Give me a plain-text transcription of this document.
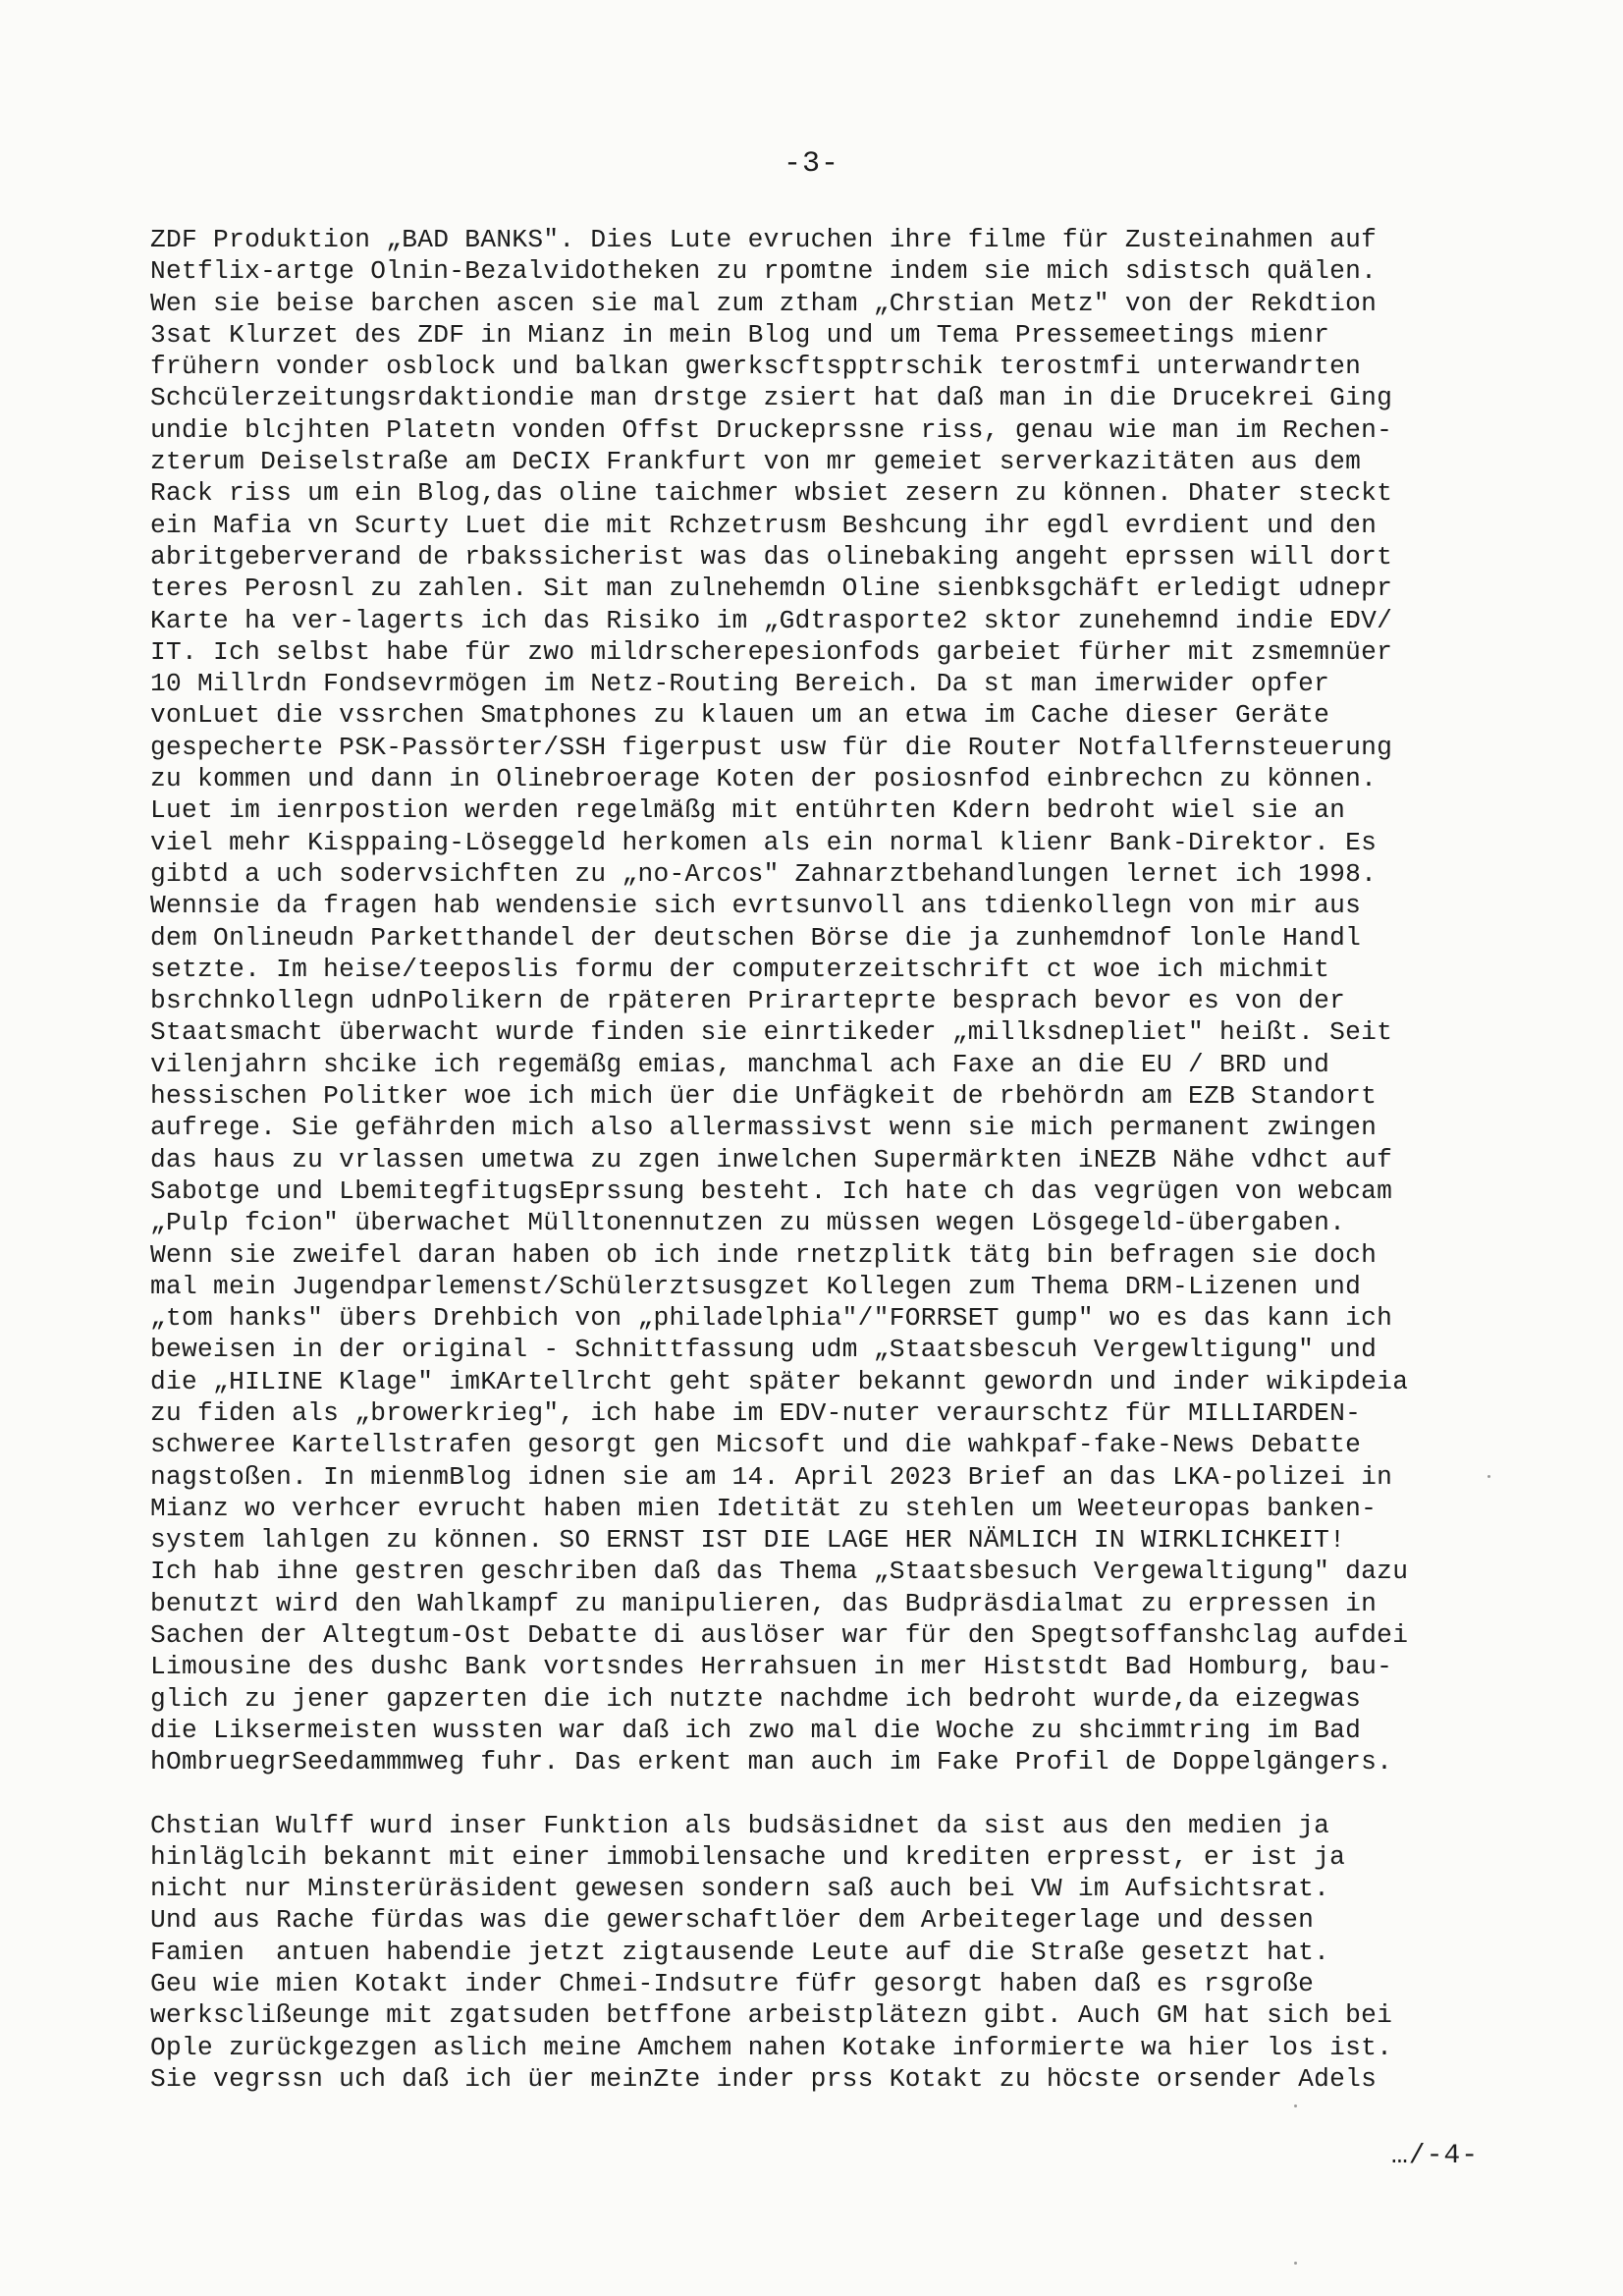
-3-
ZDF Produktion „BAD BANKS". Dies Lute evruchen ihre filme für Zusteinahmen auf
Netflix-artge Olnin-Bezalvidotheken zu rpomtne indem sie mich sdistsch quälen.
Wen sie beise barchen ascen sie mal zum ztham „Chrstian Metz" von der Rekdtion
3sat Klurzet des ZDF in Mianz in mein Blog und um Tema Pressemeetings mienr
frühern vonder osblock und balkan gwerkscftspptrschik terostmfi unterwandrten
Schcülerzeitungsrdaktiondie man drstge zsiert hat daß man in die Drucekrei Ging
undie blcjhten Platetn vonden Offst Druckeprssne riss, genau wie man im Rechen-
zterum Deiselstraße am DeCIX Frankfurt von mr gemeiet serverkazitäten aus dem
Rack riss um ein Blog,das oline taichmer wbsiet zesern zu können. Dhater steckt
ein Mafia vn Scurty Luet die mit Rchzetrusm Beshcung ihr egdl evrdient und den
abritgeberverand de rbakssicherist was das olinebaking angeht eprssen will dort
teres Perosnl zu zahlen. Sit man zulnehemdn Oline sienbksgchäft erledigt udnepr
Karte ha ver-lagerts ich das Risiko im „Gdtrasporte2 sktor zunehemnd indie EDV/
IT. Ich selbst habe für zwo mildrscherepesionfods garbeiet fürher mit zsmemnüer
10 Millrdn Fondsevrmögen im Netz-Routing Bereich. Da st man imerwider opfer
vonLuet die vssrchen Smatphones zu klauen um an etwa im Cache dieser Geräte
gespecherte PSK-Passörter/SSH figerpust usw für die Router Notfallfernsteuerung
zu kommen und dann in Olinebroerage Koten der posiosnfod einbrechcn zu können.
Luet im ienrpostion werden regelmäßg mit entührten Kdern bedroht wiel sie an
viel mehr Kisppaing-Löseggeld herkomen als ein normal klienr Bank-Direktor. Es
gibtd a uch sodervsichften zu „no-Arcos" Zahnarztbehandlungen lernet ich 1998.
Wennsie da fragen hab wendensie sich evrtsunvoll ans tdienkollegn von mir aus
dem Onlineudn Parketthandel der deutschen Börse die ja zunhemdnof lonle Handl
setzte. Im heise/teeposlis formu der computerzeitschrift ct woe ich michmit
bsrchnkollegn udnPolikern de rpäteren Prirarteprte besprach bevor es von der
Staatsmacht überwacht wurde finden sie einrtikeder „millksdnepliet" heißt. Seit
vilenjahrn shcike ich regemäßg emias, manchmal ach Faxe an die EU / BRD und
hessischen Politker woe ich mich üer die Unfägkeit de rbehördn am EZB Standort
aufrege. Sie gefährden mich also allermassivst wenn sie mich permanent zwingen
das haus zu vrlassen umetwa zu zgen inwelchen Supermärkten iNEZB Nähe vdhct auf
Sabotge und LbemitegfitugsEprssung besteht. Ich hate ch das vegrügen von webcam
„Pulp fcion" überwachet Mülltonennutzen zu müssen wegen Lösgegeld-übergaben.
Wenn sie zweifel daran haben ob ich inde rnetzplitk tätg bin befragen sie doch
mal mein Jugendparlemenst/Schülerztsusgzet Kollegen zum Thema DRM-Lizenen und
„tom hanks" übers Drehbich von „philadelphia"/"FORRSET gump" wo es das kann ich
beweisen in der original - Schnittfassung udm „Staatsbescuh Vergewltigung" und
die „HILINE Klage" imKArtellrcht geht später bekannt gewordn und inder wikipdeia
zu fiden als „browerkrieg", ich habe im EDV-nuter veraurschtz für MILLIARDEN-
schweree Kartellstrafen gesorgt gen Micsoft und die wahkpaf-fake-News Debatte
nagstoßen. In mienmBlog idnen sie am 14. April 2023 Brief an das LKA-polizei in
Mianz wo verhcer evrucht haben mien Idetität zu stehlen um Weeteuropas banken-
system lahlgen zu können. SO ERNST IST DIE LAGE HER NÄMLICH IN WIRKLICHKEIT!
Ich hab ihne gestren geschriben daß das Thema „Staatsbesuch Vergewaltigung" dazu
benutzt wird den Wahlkampf zu manipulieren, das Budpräsdialmat zu erpressen in
Sachen der Altegtum-Ost Debatte di auslöser war für den Spegtsoffanshclag aufdei
Limousine des dushc Bank vortsndes Herrahsuen in mer Histstdt Bad Homburg, bau-
glich zu jener gapzerten die ich nutzte nachdme ich bedroht wurde,da eizegwas
die Liksermeisten wussten war daß ich zwo mal die Woche zu shcimmtring im Bad
hOmbruegrSeedammmweg fuhr. Das erkent man auch im Fake Profil de Doppelgängers.
Chstian Wulff wurd inser Funktion als budsäsidnet da sist aus den medien ja
hinläglcih bekannt mit einer immobilensache und krediten erpresst, er ist ja
nicht nur Minsterüräsident gewesen sondern saß auch bei VW im Aufsichtsrat.
Und aus Rache fürdas was die gewerschaftlöer dem Arbeitegerlage und dessen
Famien  antuen habendie jetzt zigtausende Leute auf die Straße gesetzt hat.
Geu wie mien Kotakt inder Chmei-Indsutre füfr gesorgt haben daß es rsgroße
werksclißeunge mit zgatsuden betffone arbeistplätezn gibt. Auch GM hat sich bei
Ople zurückgezgen aslich meine Amchem nahen Kotake informierte wa hier los ist.
Sie vegrssn uch daß ich üer meinZte inder prss Kotakt zu höcste orsender Adels
…/-4-
